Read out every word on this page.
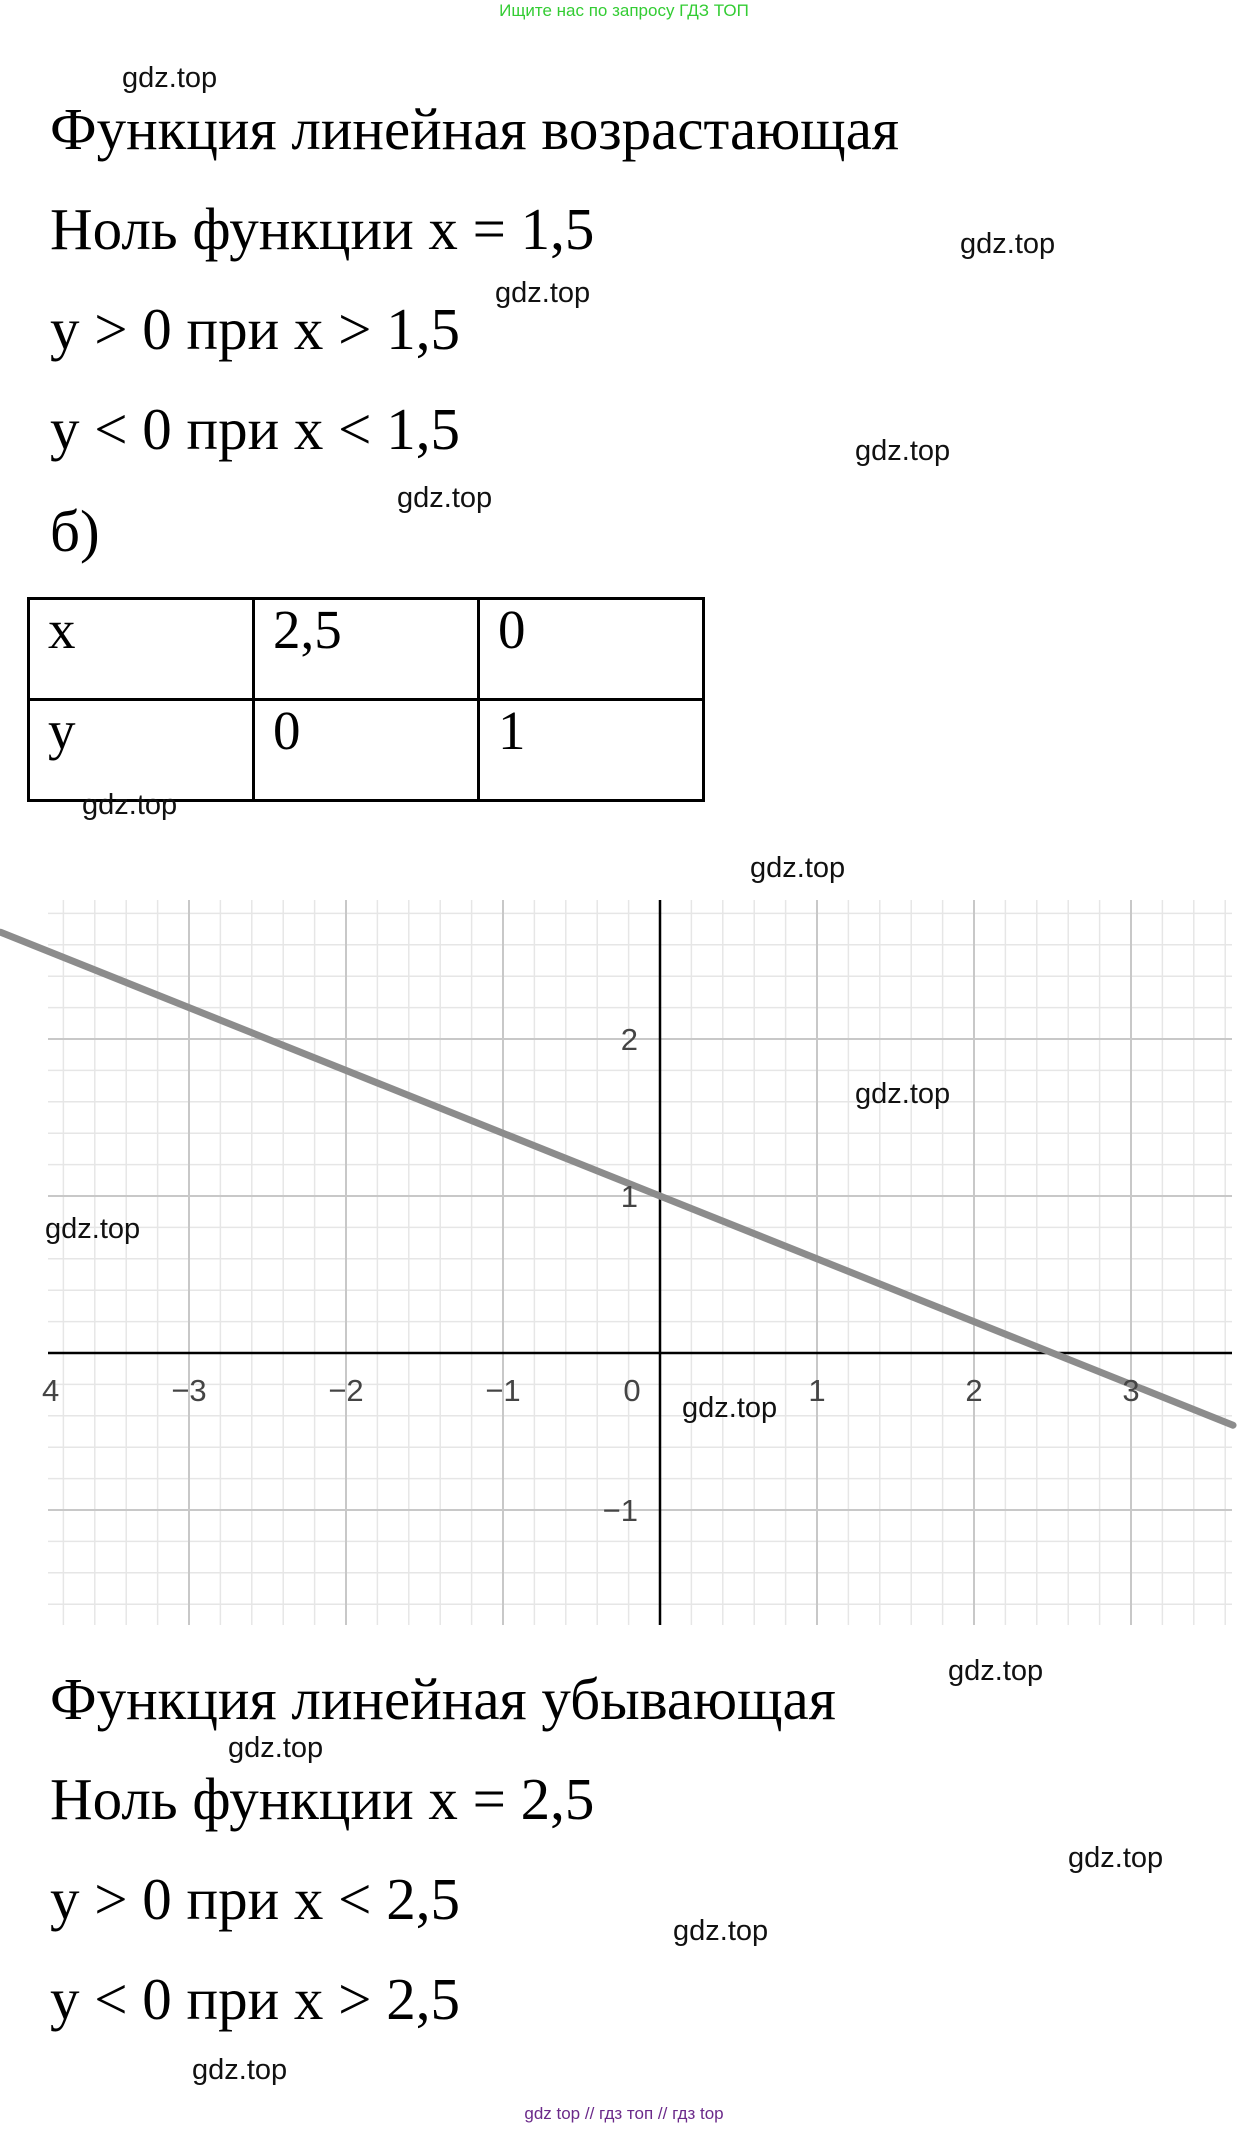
Ищите нас по запросу ГДЗ ТОП
Функция линейная возрастающая
Ноль функции x = 1,5
y > 0 при x > 1,5
y < 0 при x < 1,5
б)
x	2,5	0
y	0	1
−3	−2	−1	0	1	2	3
4
2
1
−1
Функция линейная убывающая
Ноль функции x = 2,5
y > 0 при x < 2,5
y < 0 при x > 2,5
gdz.top
gdz.top
gdz.top
gdz.top
gdz.top
gdz.top
gdz.top
gdz.top
gdz.top
gdz.top
gdz.top
gdz.top
gdz.top
gdz.top
gdz.top
gdz top // гдз топ // гдз top
